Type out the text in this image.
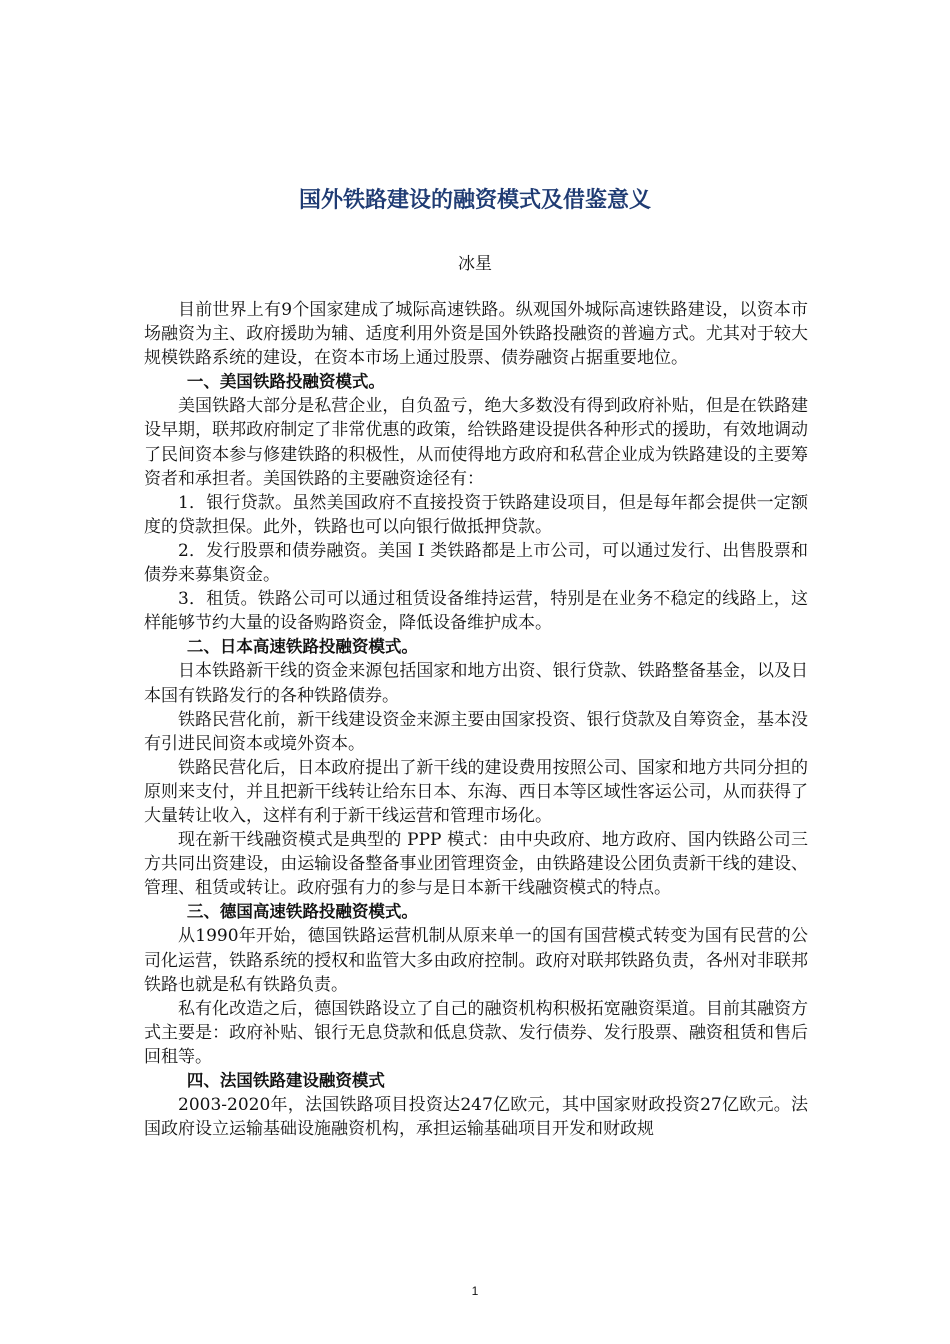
国外铁路建设的融资模式及借鉴意义
冰星

目前世界上有9个国家建成了城际高速铁路。纵观国外城际高速铁路建设，以资本市场融资为主、政府援助为辅、适度利用外资是国外铁路投融资的普遍方式。尤其对于较大规模铁路系统的建设，在资本市场上通过股票、债券融资占据重要地位。

一、美国铁路投融资模式。

美国铁路大部分是私营企业，自负盈亏，绝大多数没有得到政府补贴，但是在铁路建设早期，联邦政府制定了非常优惠的政策，给铁路建设提供各种形式的援助，有效地调动了民间资本参与修建铁路的积极性，从而使得地方政府和私营企业成为铁路建设的主要筹资者和承担者。美国铁路的主要融资途径有：

1．银行贷款。虽然美国政府不直接投资于铁路建设项目，但是每年都会提供一定额度的贷款担保。此外，铁路也可以向银行做抵押贷款。

2．发行股票和债券融资。美国 I 类铁路都是上市公司，可以通过发行、出售股票和债券来募集资金。

3．租赁。铁路公司可以通过租赁设备维持运营，特别是在业务不稳定的线路上，这样能够节约大量的设备购路资金，降低设备维护成本。

二、日本高速铁路投融资模式。

日本铁路新干线的资金来源包括国家和地方出资、银行贷款、铁路整备基金，以及日本国有铁路发行的各种铁路债券。

铁路民营化前，新干线建设资金来源主要由国家投资、银行贷款及自筹资金，基本没有引进民间资本或境外资本。

铁路民营化后，日本政府提出了新干线的建设费用按照公司、国家和地方共同分担的原则来支付，并且把新干线转让给东日本、东海、西日本等区域性客运公司，从而获得了大量转让收入，这样有利于新干线运营和管理市场化。

现在新干线融资模式是典型的 PPP 模式：由中央政府、地方政府、国内铁路公司三方共同出资建设，由运输设备整备事业团管理资金，由铁路建设公团负责新干线的建设、管理、租赁或转让。政府强有力的参与是日本新干线融资模式的特点。

三、德国高速铁路投融资模式。

从1990年开始，德国铁路运营机制从原来单一的国有国营模式转变为国有民营的公司化运营，铁路系统的授权和监管大多由政府控制。政府对联邦铁路负责，各州对非联邦铁路也就是私有铁路负责。

私有化改造之后，德国铁路设立了自己的融资机构积极拓宽融资渠道。目前其融资方式主要是：政府补贴、银行无息贷款和低息贷款、发行债券、发行股票、融资租赁和售后回租等。

四、法国铁路建设融资模式

2003-2020年，法国铁路项目投资达247亿欧元，其中国家财政投资27亿欧元。法国政府设立运输基础设施融资机构，承担运输基础项目开发和财政规

1
